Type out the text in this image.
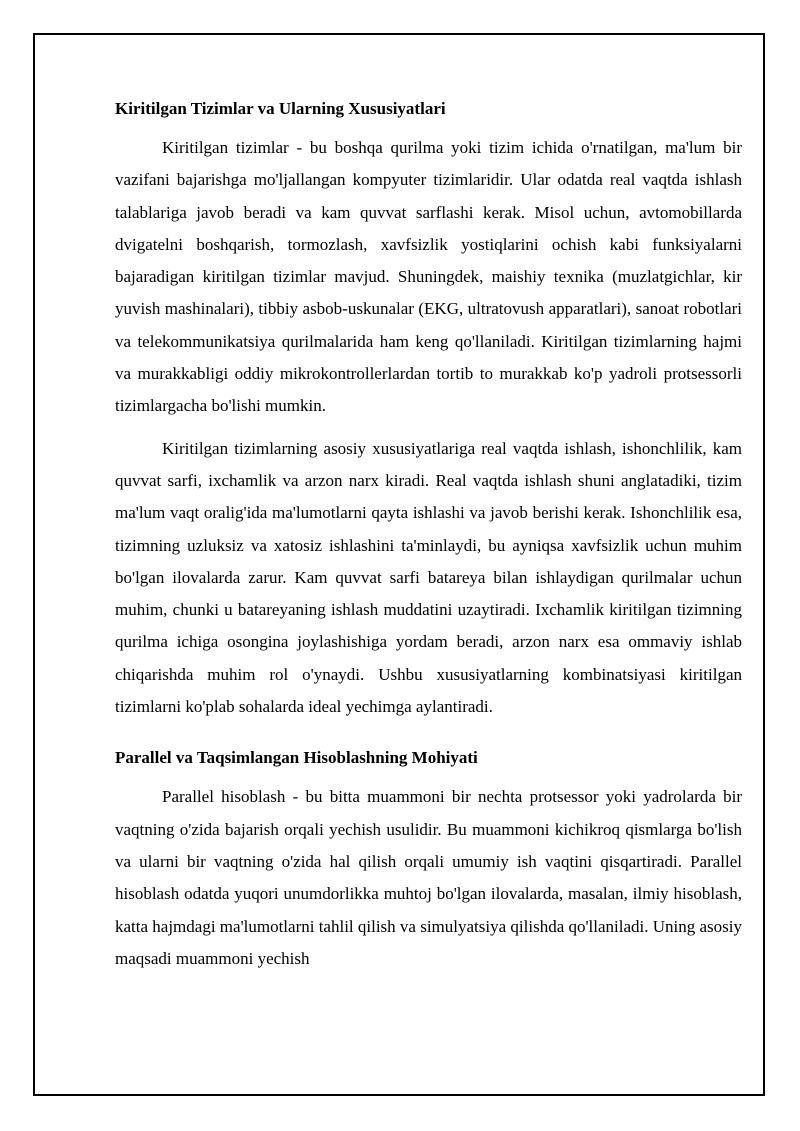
Kiritilgan Tizimlar va Ularning Xususiyatlari

Kiritilgan tizimlar - bu boshqa qurilma yoki tizim ichida o'rnatilgan, ma'lum bir vazifani bajarishga mo'ljallangan kompyuter tizimlaridir. Ular odatda real vaqtda ishlash talablariga javob beradi va kam quvvat sarflashi kerak. Misol uchun, avtomobillarda dvigatelni boshqarish, tormozlash, xavfsizlik yostiqlarini ochish kabi funksiyalarni bajaradigan kiritilgan tizimlar mavjud. Shuningdek, maishiy texnika (muzlatgichlar, kir yuvish mashinalari), tibbiy asbob-uskunalar (EKG, ultratovush apparatlari), sanoat robotlari va telekommunikatsiya qurilmalarida ham keng qo'llaniladi. Kiritilgan tizimlarning hajmi va murakkabligi oddiy mikrokontrollerlardan tortib to murakkab ko'p yadroli protsessorli tizimlargacha bo'lishi mumkin.

Kiritilgan tizimlarning asosiy xususiyatlariga real vaqtda ishlash, ishonchlilik, kam quvvat sarfi, ixchamlik va arzon narx kiradi. Real vaqtda ishlash shuni anglatadiki, tizim ma'lum vaqt oralig'ida ma'lumotlarni qayta ishlashi va javob berishi kerak. Ishonchlilik esa, tizimning uzluksiz va xatosiz ishlashini ta'minlaydi, bu ayniqsa xavfsizlik uchun muhim bo'lgan ilovalarda zarur. Kam quvvat sarfi batareya bilan ishlaydigan qurilmalar uchun muhim, chunki u batareyaning ishlash muddatini uzaytiradi. Ixchamlik kiritilgan tizimning qurilma ichiga osongina joylashishiga yordam beradi, arzon narx esa ommaviy ishlab chiqarishda muhim rol o'ynaydi. Ushbu xususiyatlarning kombinatsiyasi kiritilgan tizimlarni ko'plab sohalarda ideal yechimga aylantiradi.

Parallel va Taqsimlangan Hisoblashning Mohiyati

Parallel hisoblash - bu bitta muammoni bir nechta protsessor yoki yadrolarda bir vaqtning o'zida bajarish orqali yechish usulidir. Bu muammoni kichikroq qismlarga bo'lish va ularni bir vaqtning o'zida hal qilish orqali umumiy ish vaqtini qisqartiradi. Parallel hisoblash odatda yuqori unumdorlikka muhtoj bo'lgan ilovalarda, masalan, ilmiy hisoblash, katta hajmdagi ma'lumotlarni tahlil qilish va simulyatsiya qilishda qo'llaniladi. Uning asosiy maqsadi muammoni yechish
